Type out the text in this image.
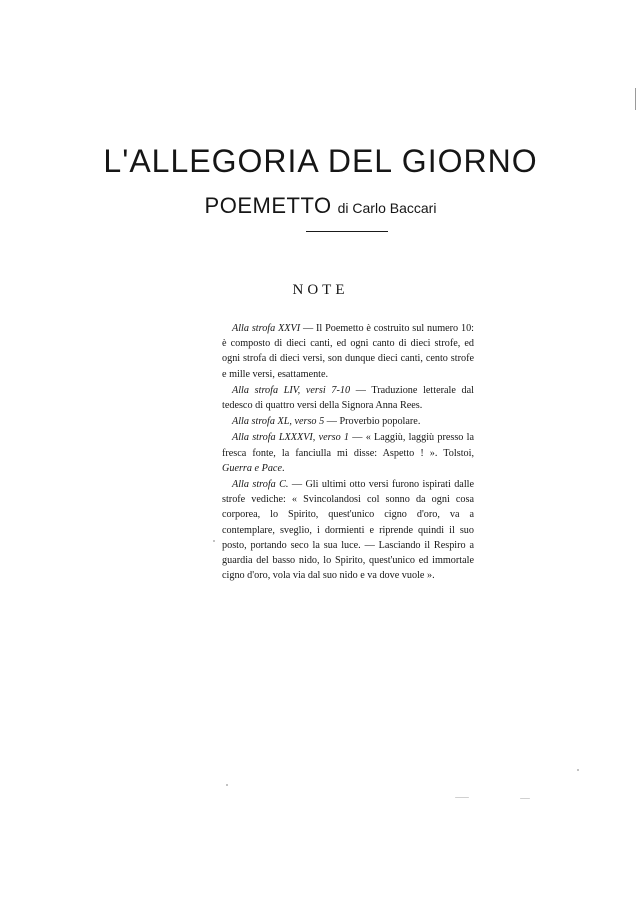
L'ALLEGORIA DEL GIORNO
POEMETTO di Carlo Baccari
NOTE

Alla strofa XXVI — Il Poemetto è costruito sul numero 10: è composto di dieci canti, ed ogni canto di dieci strofe, ed ogni strofa di dieci versi, son dunque dieci canti, cento strofe e mille versi, esattamente.

Alla strofa LIV, versi 7-10 — Traduzione letterale dal tedesco di quattro versi della Signora Anna Rees.

Alla strofa XL, verso 5 — Proverbio popolare.

Alla strofa LXXXVI, verso 1 — « Laggiù, laggiù presso la fresca fonte, la fanciulla mi disse: Aspetto ! ». Tolstoi, Guerra e Pace.

Alla strofa C. — Gli ultimi otto versi furono ispirati dalle strofe vediche: « Svincolandosi col sonno da ogni cosa corporea, lo Spirito, quest'unico cigno d'oro, va a contemplare, sveglio, i dormienti e riprende quindi il suo posto, portando seco la sua luce. — Lasciando il Respiro a guardia del basso nido, lo Spirito, quest'unico ed immortale cigno d'oro, vola via dal suo nido e va dove vuole ».
